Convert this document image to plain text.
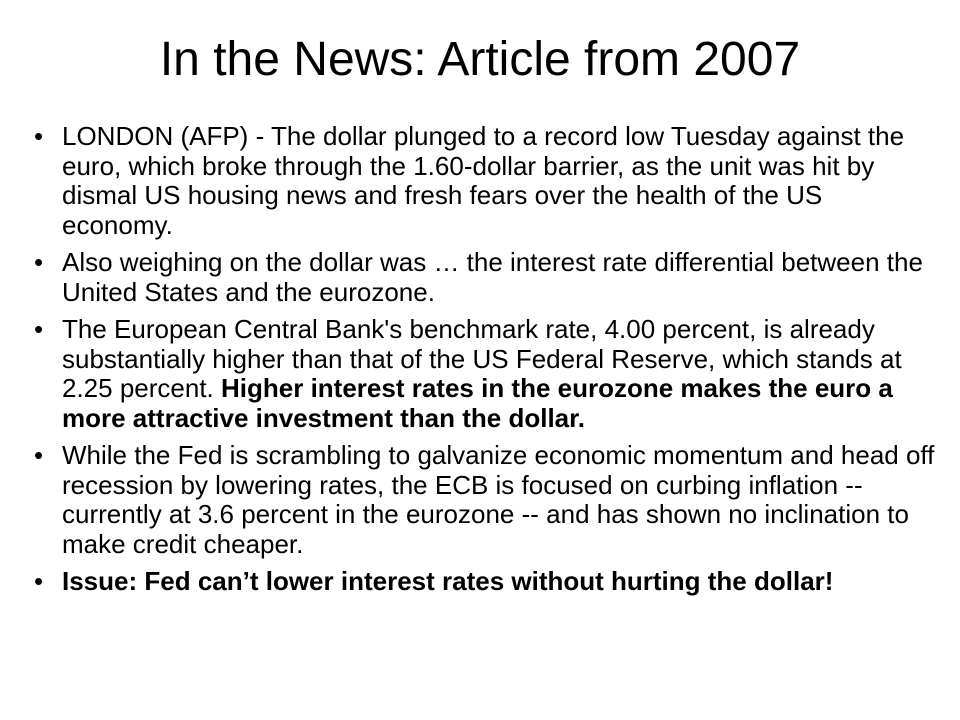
In the News: Article from 2007
• LONDON (AFP) - The dollar plunged to a record low Tuesday against the euro, which broke through the 1.60-dollar barrier, as the unit was hit by dismal US housing news and fresh fears over the health of the US economy.
• Also weighing on the dollar was … the interest rate differential between the United States and the eurozone.
• The European Central Bank's benchmark rate, 4.00 percent, is already substantially higher than that of the US Federal Reserve, which stands at 2.25 percent. Higher interest rates in the eurozone makes the euro a more attractive investment than the dollar.
• While the Fed is scrambling to galvanize economic momentum and head off recession by lowering rates, the ECB is focused on curbing inflation -- currently at 3.6 percent in the eurozone -- and has shown no inclination to make credit cheaper.
• Issue: Fed can’t lower interest rates without hurting the dollar!
